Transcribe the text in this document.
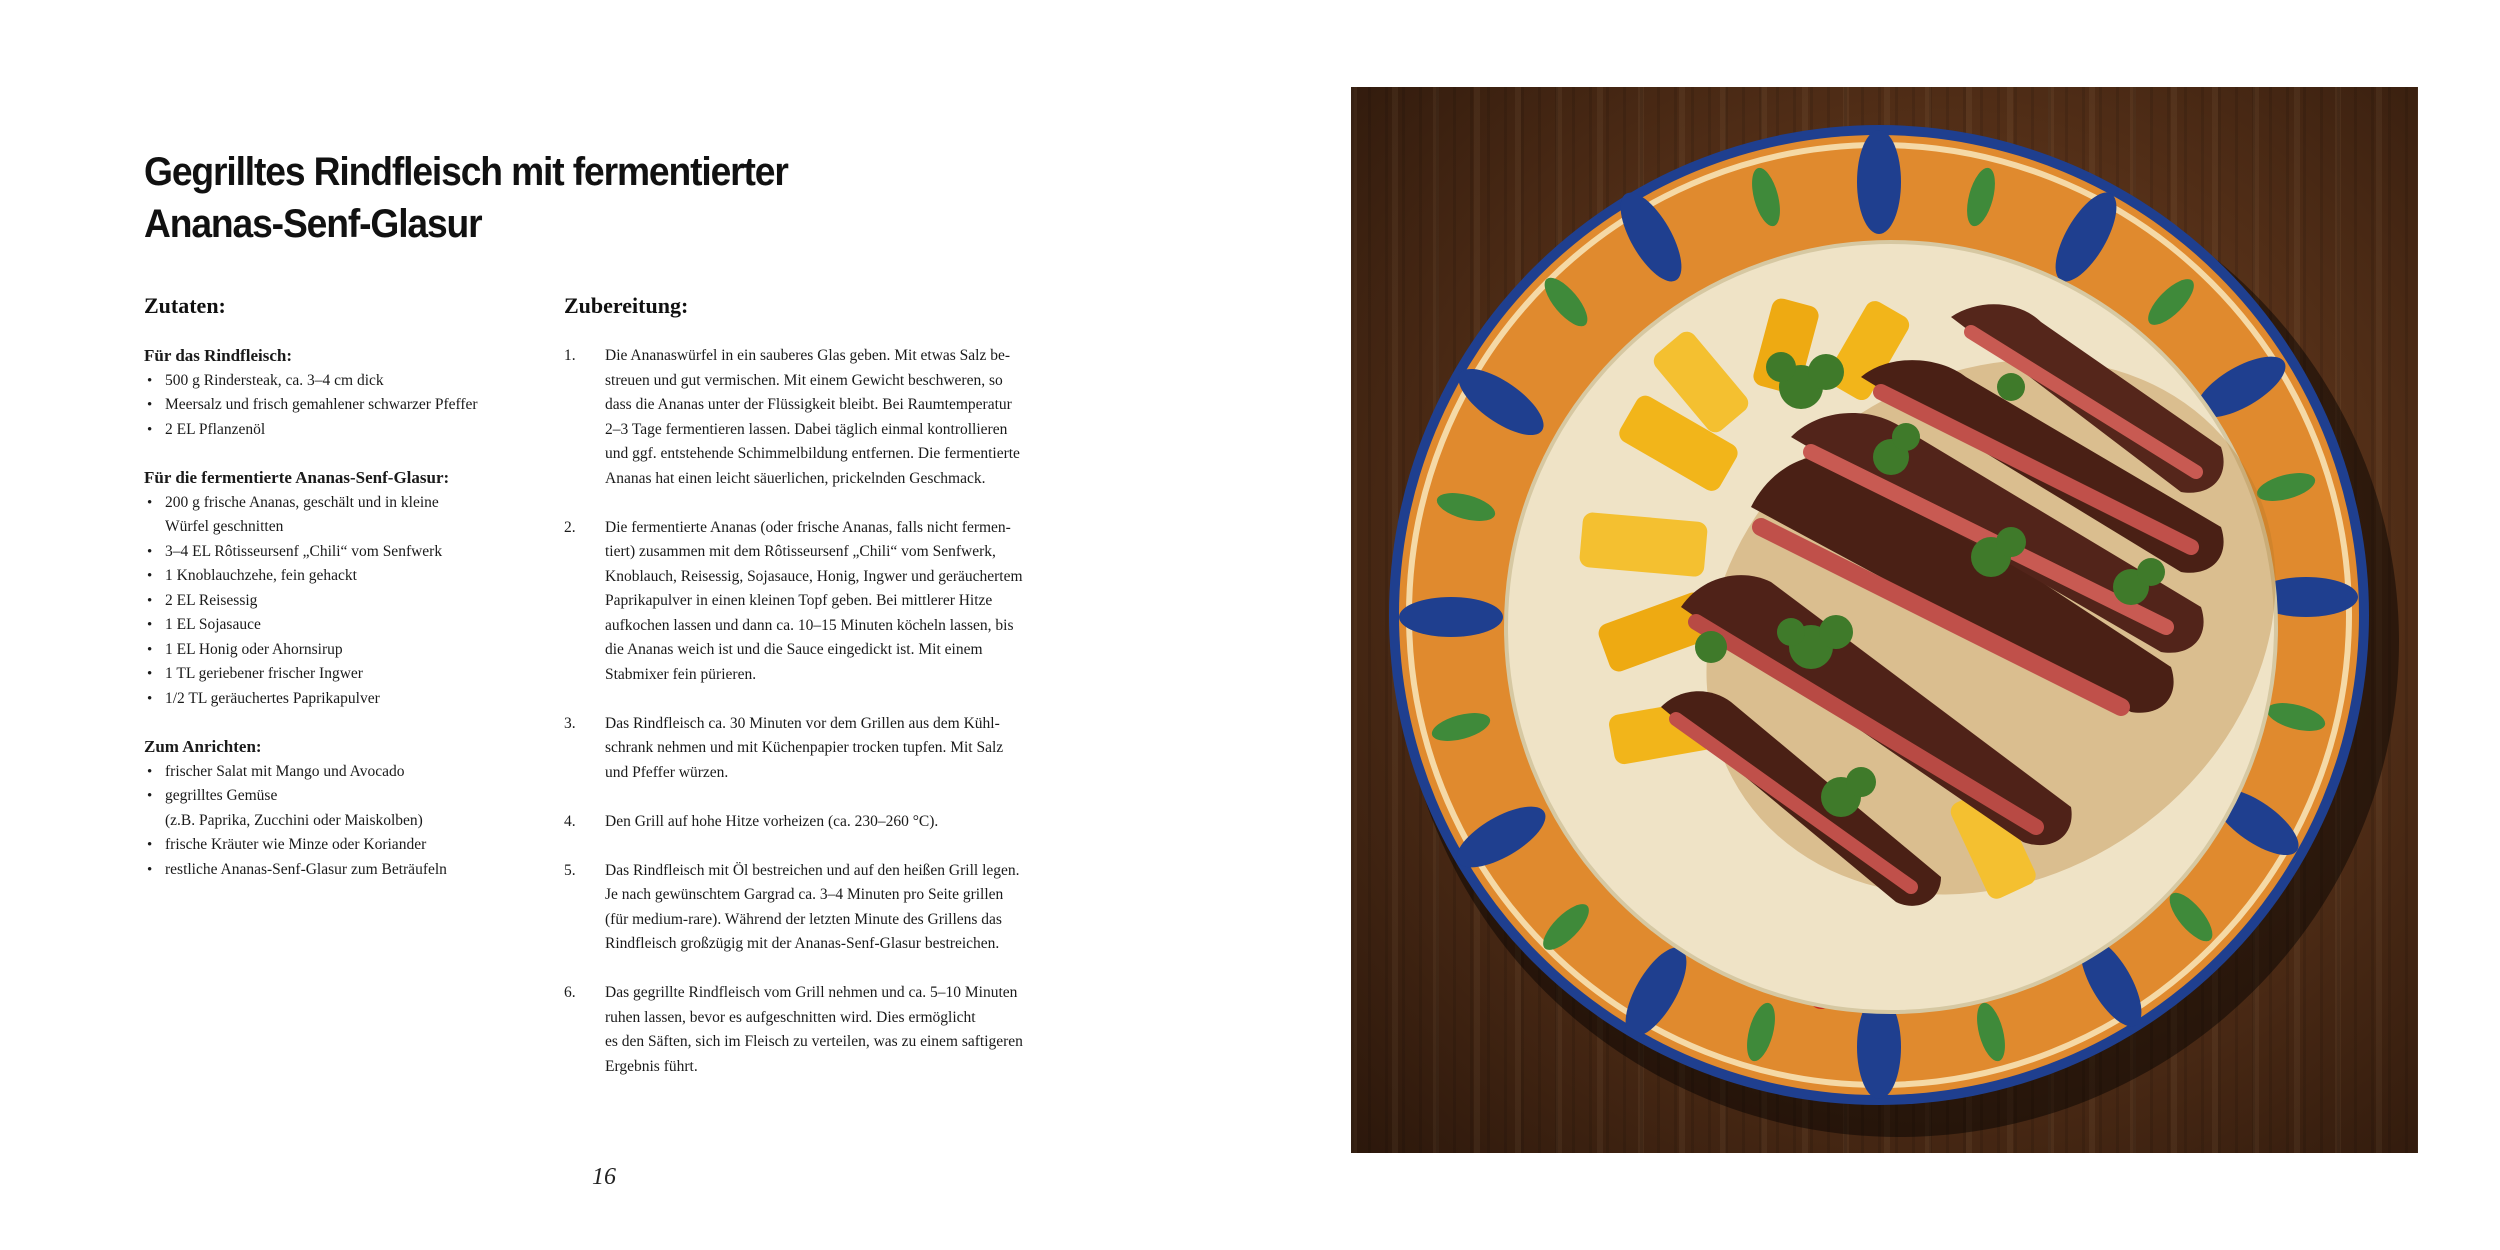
Gegrilltes Rindfleisch mit fermentierter Ananas-Senf-Glasur
Zutaten:	Zubereitung:
Für das Rindfleisch:
• 500 g Rindersteak, ca. 3–4 cm dick
• Meersalz und frisch gemahlener schwarzer Pfeffer
• 2 EL Pflanzenöl
Für die fermentierte Ananas-Senf-Glasur:
• 200 g frische Ananas, geschält und in kleine Würfel geschnitten
• 3–4 EL Rôtisseursenf „Chili“ vom Senfwerk
• 1 Knoblauchzehe, fein gehackt
• 2 EL Reisessig
• 1 EL Sojasauce
• 1 EL Honig oder Ahornsirup
• 1 TL geriebener frischer Ingwer
• 1/2 TL geräuchertes Paprikapulver
Zum Anrichten:
• frischer Salat mit Mango und Avocado
• gegrilltes Gemüse
(z.B. Paprika, Zucchini oder Maiskolben)
• frische Kräuter wie Minze oder Koriander
• restliche Ananas-Senf-Glasur zum Beträufeln
1. Die Ananaswürfel in ein sauberes Glas geben. Mit etwas Salz be-
streuen und gut vermischen. Mit einem Gewicht beschweren, so
dass die Ananas unter der Flüssigkeit bleibt. Bei Raumtemperatur
2–3 Tage fermentieren lassen. Dabei täglich einmal kontrollieren
und ggf. entstehende Schimmelbildung entfernen. Die fermentierte
Ananas hat einen leicht säuerlichen, prickelnden Geschmack.
2. Die fermentierte Ananas (oder frische Ananas, falls nicht fermen-
tiert) zusammen mit dem Rôtisseursenf „Chili“ vom Senfwerk,
Knoblauch, Reisessig, Sojasauce, Honig, Ingwer und geräuchertem
Paprikapulver in einen kleinen Topf geben. Bei mittlerer Hitze
aufkochen lassen und dann ca. 10–15 Minuten köcheln lassen, bis
die Ananas weich ist und die Sauce eingedickt ist. Mit einem
Stabmixer fein pürieren.
3. Das Rindfleisch ca. 30 Minuten vor dem Grillen aus dem Kühl-
schrank nehmen und mit Küchenpapier trocken tupfen. Mit Salz
und Pfeffer würzen.
4. Den Grill auf hohe Hitze vorheizen (ca. 230–260 °C).
5. Das Rindfleisch mit Öl bestreichen und auf den heißen Grill legen.
Je nach gewünschtem Gargrad ca. 3–4 Minuten pro Seite grillen
(für medium-rare). Während der letzten Minute des Grillens das
Rindfleisch großzügig mit der Ananas-Senf-Glasur bestreichen.
6. Das gegrillte Rindfleisch vom Grill nehmen und ca. 5–10 Minuten
ruhen lassen, bevor es aufgeschnitten wird. Dies ermöglicht
es den Säften, sich im Fleisch zu verteilen, was zu einem saftigeren
Ergebnis führt.
16
